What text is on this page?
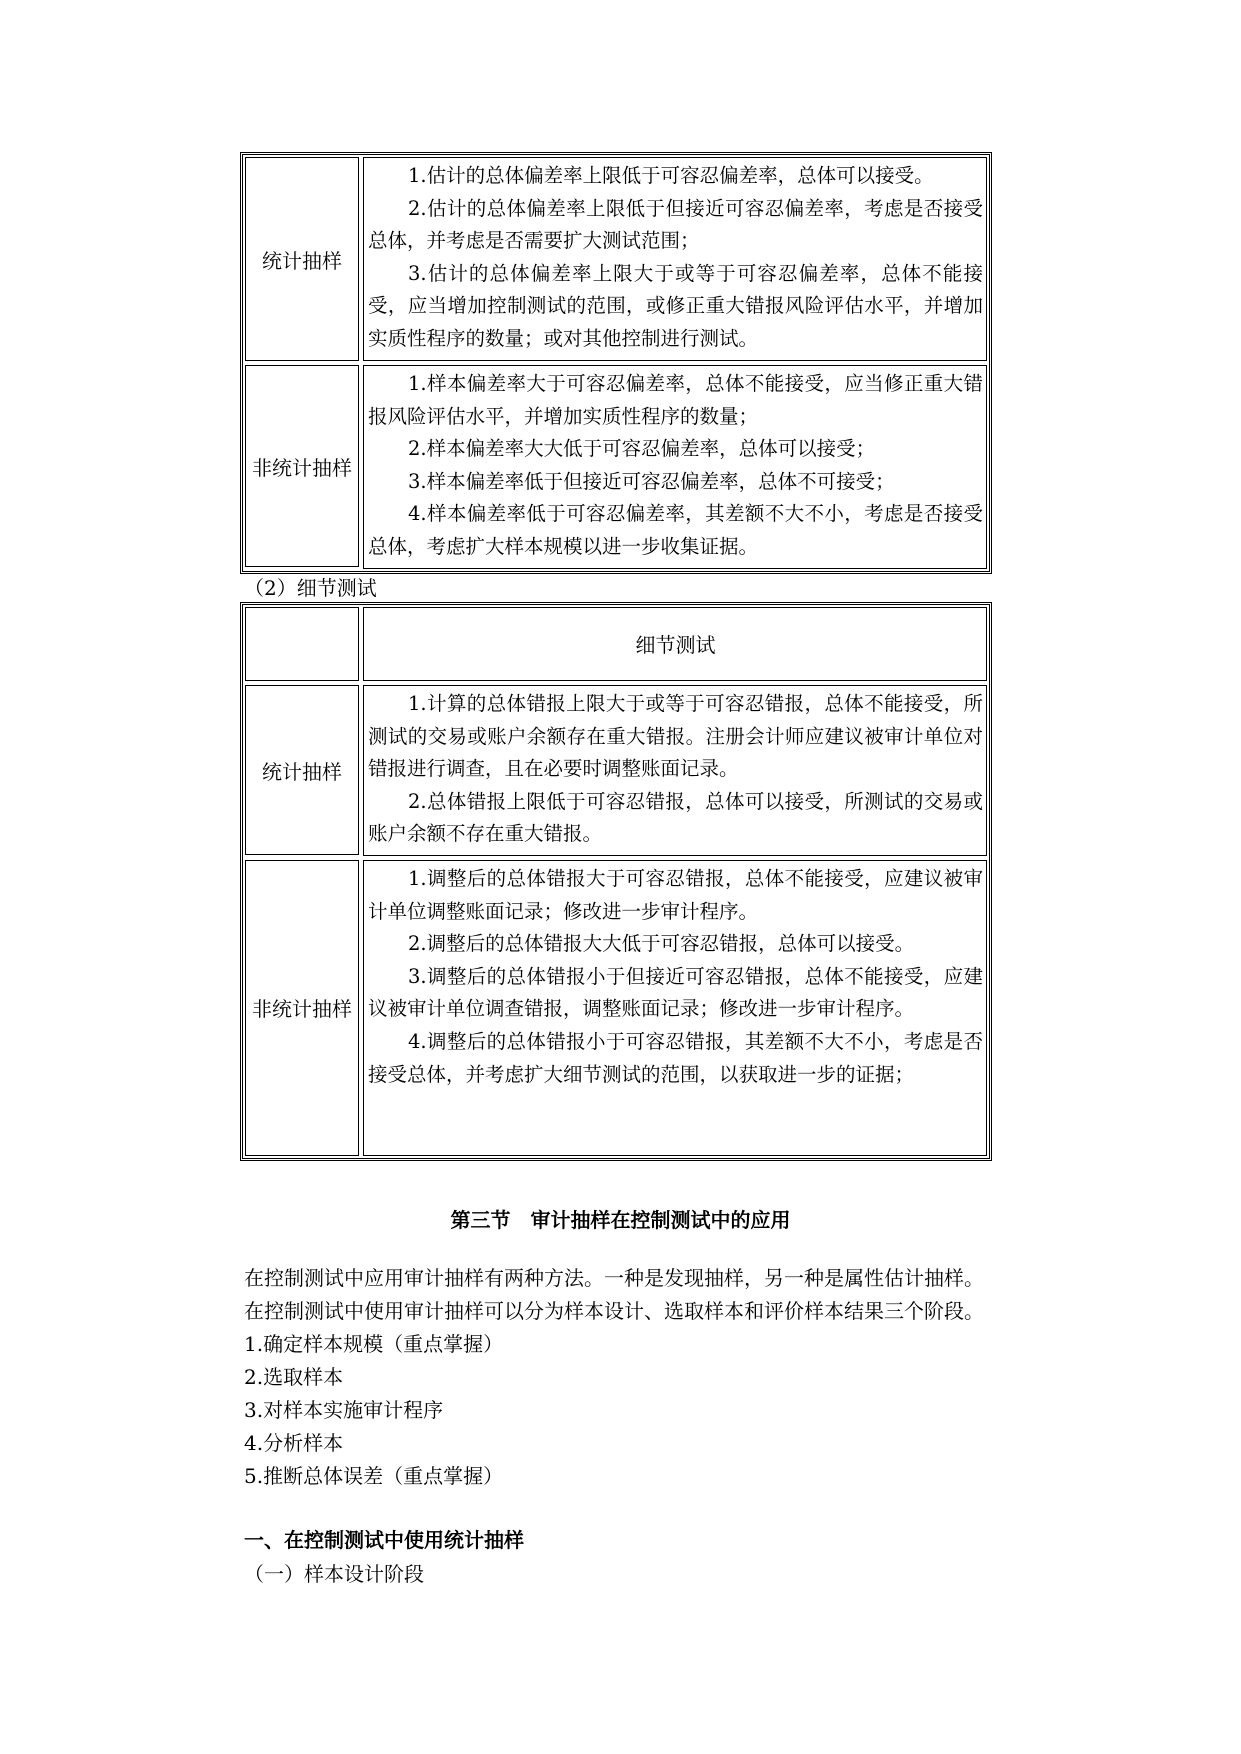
统计抽样

1.估计的总体偏差率上限低于可容忍偏差率，总体可以接受。

2.估计的总体偏差率上限低于但接近可容忍偏差率，考虑是否接受总体，并考虑是否需要扩大测试范围；

3.估计的总体偏差率上限大于或等于可容忍偏差率，总体不能接受，应当增加控制测试的范围，或修正重大错报风险评估水平，并增加实质性程序的数量；或对其他控制进行测试。

非统计抽样

1.样本偏差率大于可容忍偏差率，总体不能接受，应当修正重大错报风险评估水平，并增加实质性程序的数量；

2.样本偏差率大大低于可容忍偏差率，总体可以接受；

3.样本偏差率低于但接近可容忍偏差率，总体不可接受；

4.样本偏差率低于可容忍偏差率，其差额不大不小，考虑是否接受总体，考虑扩大样本规模以进一步收集证据。

（2）细节测试
细节测试
统计抽样

1.计算的总体错报上限大于或等于可容忍错报，总体不能接受，所测试的交易或账户余额存在重大错报。注册会计师应建议被审计单位对错报进行调查，且在必要时调整账面记录。

2.总体错报上限低于可容忍错报，总体可以接受，所测试的交易或账户余额不存在重大错报。

非统计抽样

1.调整后的总体错报大于可容忍错报，总体不能接受，应建议被审计单位调整账面记录；修改进一步审计程序。

2.调整后的总体错报大大低于可容忍错报，总体可以接受。

3.调整后的总体错报小于但接近可容忍错报，总体不能接受，应建议被审计单位调查错报，调整账面记录；修改进一步审计程序。

4.调整后的总体错报小于可容忍错报，其差额不大不小，考虑是否接受总体，并考虑扩大细节测试的范围，以获取进一步的证据；

第三节　审计抽样在控制测试中的应用
在控制测试中应用审计抽样有两种方法。一种是发现抽样，另一种是属性估计抽样。
在控制测试中使用审计抽样可以分为样本设计、选取样本和评价样本结果三个阶段。
1.确定样本规模（重点掌握）
2.选取样本
3.对样本实施审计程序
4.分析样本
5.推断总体误差（重点掌握）
一、在控制测试中使用统计抽样
（一）样本设计阶段
